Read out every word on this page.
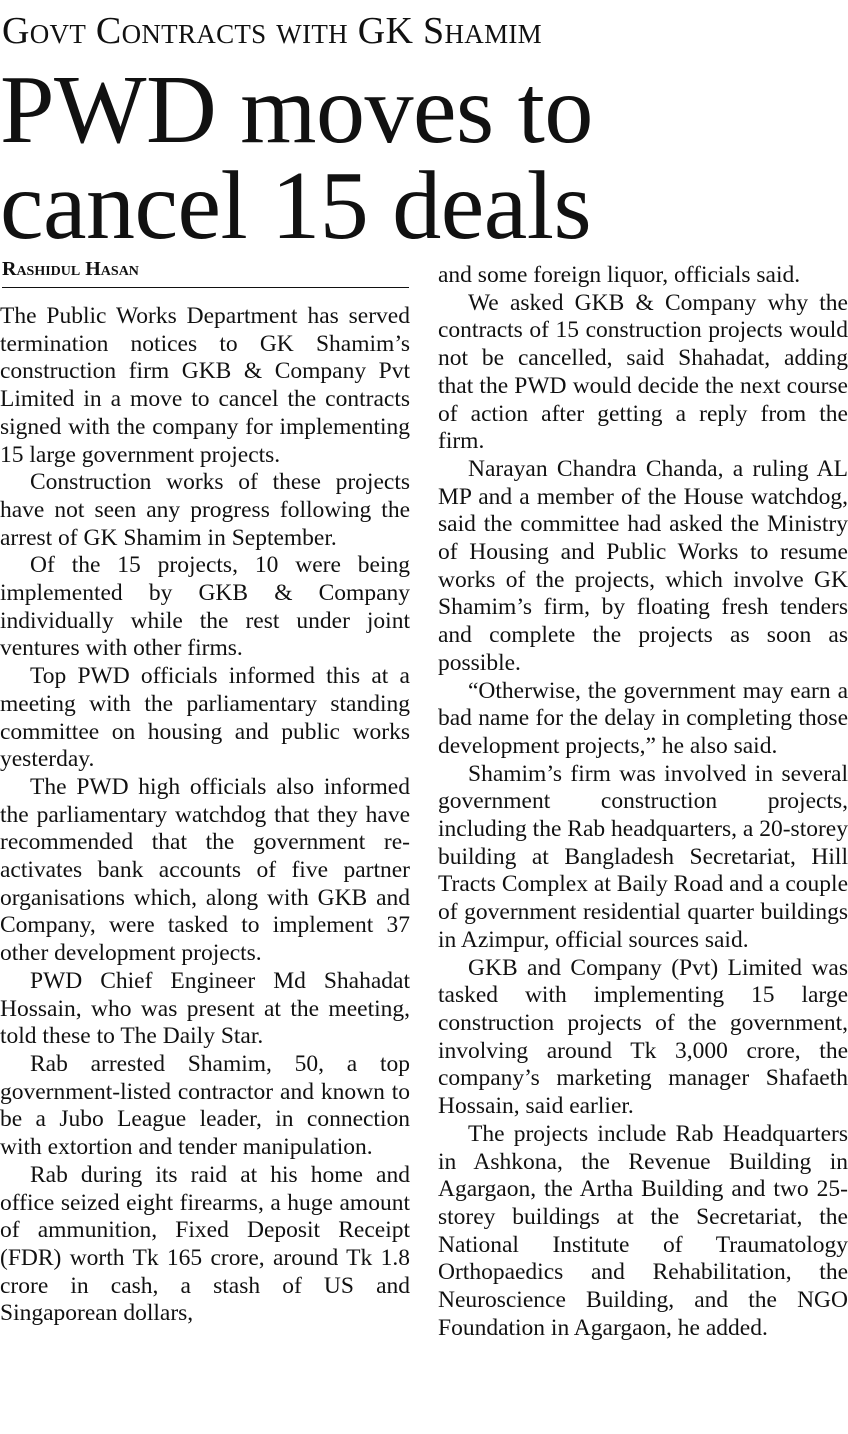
Govt Contracts with GK Shamim
PWD moves to
cancel 15 deals
Rashidul Hasan

The Public Works Department has served termination notices to GK Shamim’s construction firm GKB & Company Pvt Limited in a move to cancel the contracts signed with the company for implementing 15 large government projects.

Construction works of these projects have not seen any progress following the arrest of GK Shamim in September.

Of the 15 projects, 10 were being implemented by GKB & Company individually while the rest under joint ventures with other firms.

Top PWD officials informed this at a meeting with the parliamentary standing committee on housing and public works yesterday.

The PWD high officials also informed the parliamentary watchdog that they have recommended that the government re-activates bank accounts of five partner organisations which, along with GKB and Company, were tasked to implement 37 other development projects.

PWD Chief Engineer Md Shahadat Hossain, who was present at the meeting, told these to The Daily Star.

Rab arrested Shamim, 50, a top government-listed contractor and known to be a Jubo League leader, in connection with extortion and tender manipulation.

Rab during its raid at his home and office seized eight firearms, a huge amount of ammunition, Fixed Deposit Receipt (FDR) worth Tk 165 crore, around Tk 1.8 crore in cash, a stash of US and Singaporean dollars,

and some foreign liquor, officials said.

We asked GKB & Company why the contracts of 15 construction projects would not be cancelled, said Shahadat, adding that the PWD would decide the next course of action after getting a reply from the firm.

Narayan Chandra Chanda, a ruling AL MP and a member of the House watchdog, said the committee had asked the Ministry of Housing and Public Works to resume works of the projects, which involve GK Shamim’s firm, by floating fresh tenders and complete the projects as soon as possible.

“Otherwise, the government may earn a bad name for the delay in completing those development projects,” he also said.

Shamim’s firm was involved in several government construction projects, including the Rab headquarters, a 20-storey building at Bangladesh Secretariat, Hill Tracts Complex at Baily Road and a couple of government residential quarter buildings in Azimpur, official sources said.

GKB and Company (Pvt) Limited was tasked with implementing 15 large construction projects of the government, involving around Tk 3,000 crore, the company’s marketing manager Shafaeth Hossain, said earlier.

The projects include Rab Headquarters in Ashkona, the Revenue Building in Agargaon, the Artha Building and two 25-storey buildings at the Secretariat, the National Institute of Traumatology Orthopaedics and Rehabilitation, the Neuroscience Building, and the NGO Foundation in Agargaon, he added.
